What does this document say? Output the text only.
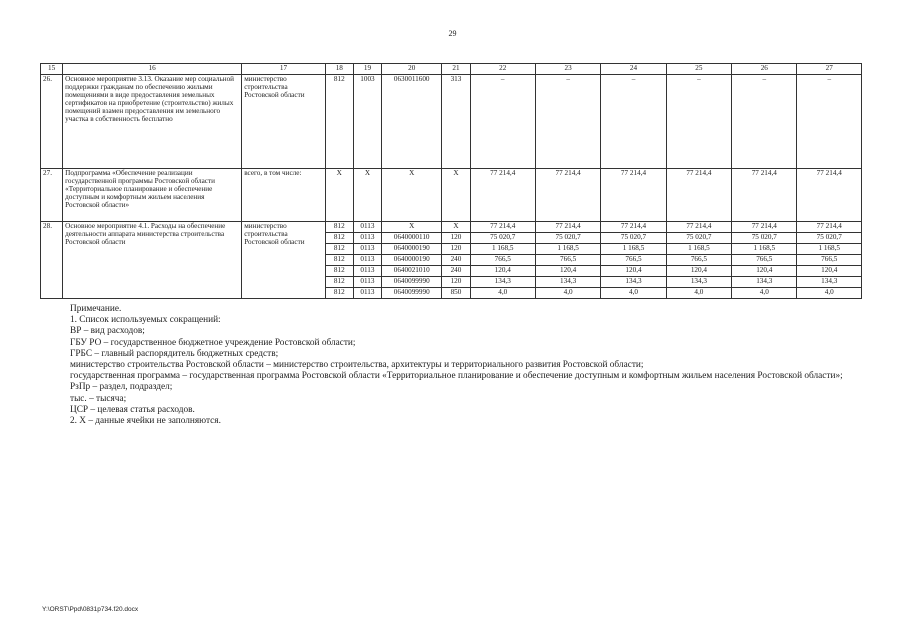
29
15	16	17	18	19	20	21	22	23	24	25	26	27
26.	Основное мероприятие 3.13. Оказание мер социальной поддержки гражданам по обеспечению жилыми помещениями в виде предоставления земельных сертификатов на приобретение (строительство) жилых помещений взамен предоставления им земельного участка в собственность бесплатно	министерство строительства Ростовской области	812	1003	0630011600	313	–	–	–	–	–	–
27.	Подпрограмма «Обеспечение реализации государственной программы Ростовской области «Территориальное планирование и обеспечение доступным и комфортным жильем населения Ростовской области»	всего, в том числе:	X	X	X	X	77 214,4	77 214,4	77 214,4	77 214,4	77 214,4	77 214,4
28.	Основное мероприятие 4.1. Расходы на обеспечение деятельности аппарата министерства строительства Ростовской области	министерство строительства Ростовской области	812	0113	X	X	77 214,4	77 214,4	77 214,4	77 214,4	77 214,4	77 214,4
			812	0113	0640000110	120	75 020,7	75 020,7	75 020,7	75 020,7	75 020,7	75 020,7
			812	0113	0640000190	120	1 168,5	1 168,5	1 168,5	1 168,5	1 168,5	1 168,5
			812	0113	0640000190	240	766,5	766,5	766,5	766,5	766,5	766,5
			812	0113	0640021010	240	120,4	120,4	120,4	120,4	120,4	120,4
			812	0113	0640099990	120	134,3	134,3	134,3	134,3	134,3	134,3
			812	0113	0640099990	850	4,0	4,0	4,0	4,0	4,0	4,0

Примечание.

1. Список используемых сокращений:

ВР – вид расходов;

ГБУ РО – государственное бюджетное учреждение Ростовской области;

ГРБС – главный распорядитель бюджетных средств;

министерство строительства Ростовской области – министерство строительства, архитектуры и территориального развития Ростовской области;

государственная программа – государственная программа Ростовской области «Территориальное планирование и обеспечение доступным и комфортным жильем населения Ростовской области»;

РзПр – раздел, подраздел;

тыс. – тысяча;

ЦСР – целевая статья расходов.

2. X – данные ячейки не заполняются.

Y:\ORST\Ppd\0831p734.f20.docx
